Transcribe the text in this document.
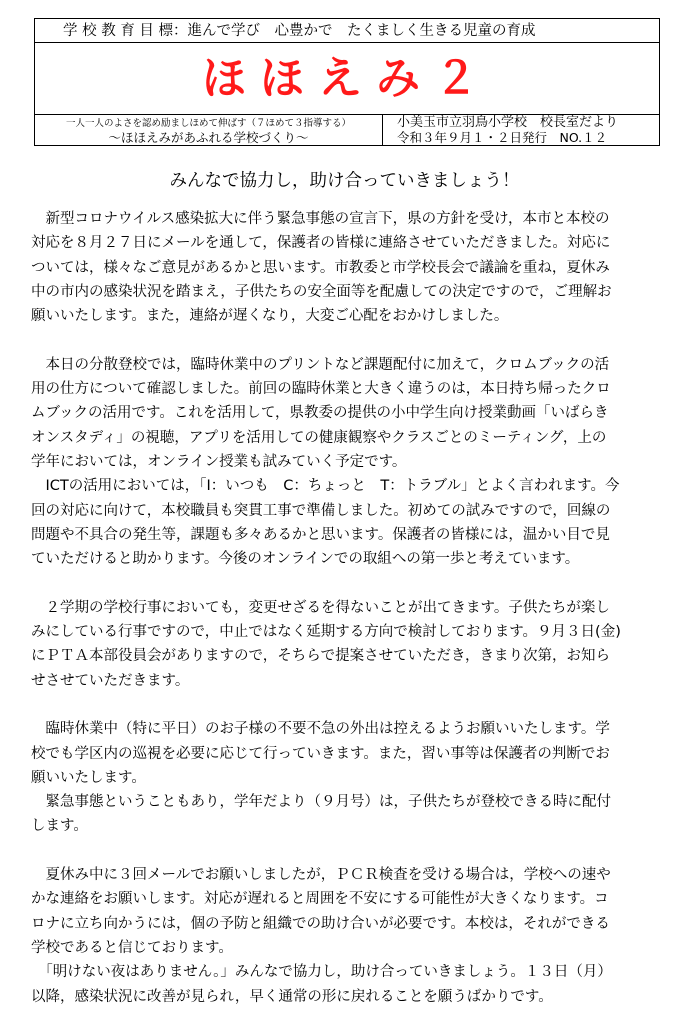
学 校 教 育 目 標：進んで学び　心豊かで　たくましく生きる児童の育成
ほほえみ２
一人一人のよさを認め励ましほめて伸ばす（７ほめて３指導する）
～ほほえみがあふれる学校づくり～
小美玉市立羽鳥小学校　校長室だより
令和３年９月１・２日発行　NO.１２
みんなで協力し，助け合っていきましょう！

　新型コロナウイルス感染拡大に伴う緊急事態の宣言下，県の方針を受け，本市と本校の
対応を８月２７日にメールを通して，保護者の皆様に連絡させていただきました。対応に
ついては，様々なご意見があるかと思います。市教委と市学校長会で議論を重ね，夏休み
中の市内の感染状況を踏まえ，子供たちの安全面等を配慮しての決定ですので，ご理解お
願いいたします。また，連絡が遅くなり，大変ご心配をおかけしました。

　本日の分散登校では，臨時休業中のプリントなど課題配付に加えて，クロムブックの活
用の仕方について確認しました。前回の臨時休業と大きく違うのは，本日持ち帰ったクロ
ムブックの活用です。これを活用して，県教委の提供の小中学生向け授業動画「いばらき
オンスタディ」の視聴，アプリを活用しての健康観察やクラスごとのミーティング，上の
学年においては，オンライン授業も試みていく予定です。

　ICTの活用においては，「I：いつも　C：ちょっと　T：トラブル」とよく言われます。今
回の対応に向けて，本校職員も突貫工事で準備しました。初めての試みですので，回線の
問題や不具合の発生等，課題も多々あるかと思います。保護者の皆様には，温かい目で見
ていただけると助かります。今後のオンラインでの取組への第一歩と考えています。

　２学期の学校行事においても，変更せざるを得ないことが出てきます。子供たちが楽し
みにしている行事ですので，中止ではなく延期する方向で検討しております。９月３日(金)
にＰＴＡ本部役員会がありますので，そちらで提案させていただき，きまり次第，お知ら
せさせていただきます。

　臨時休業中（特に平日）のお子様の不要不急の外出は控えるようお願いいたします。学
校でも学区内の巡視を必要に応じて行っていきます。また，習い事等は保護者の判断でお
願いいたします。

　緊急事態ということもあり，学年だより（９月号）は，子供たちが登校できる時に配付
します。

　夏休み中に３回メールでお願いしましたが，ＰＣＲ検査を受ける場合は，学校への速や
かな連絡をお願いします。対応が遅れると周囲を不安にする可能性が大きくなります。コ
ロナに立ち向かうには，個の予防と組織での助け合いが必要です。本校は，それができる
学校であると信じております。

　「明けない夜はありません。」みんなで協力し，助け合っていきましょう。１３日（月）
以降，感染状況に改善が見られ，早く通常の形に戻れることを願うばかりです。
